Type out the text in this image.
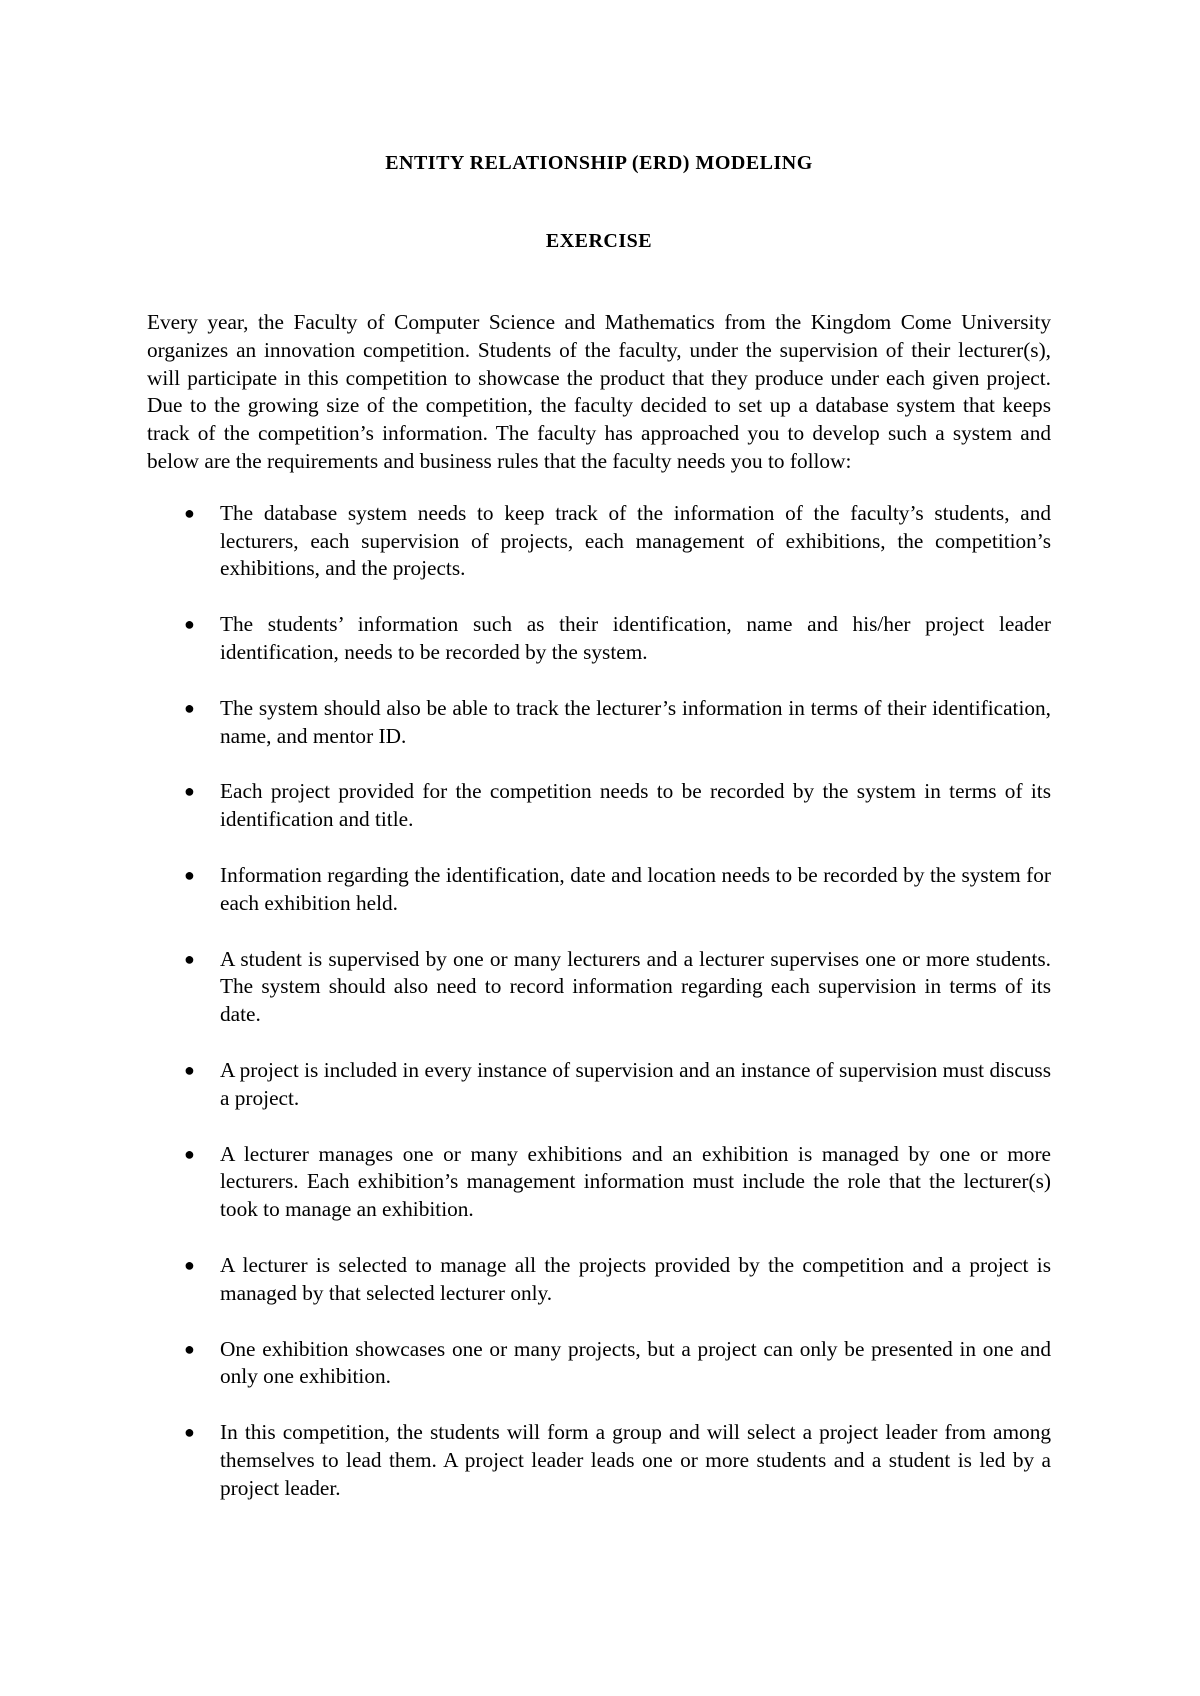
ENTITY RELATIONSHIP (ERD) MODELING
EXERCISE

Every year, the Faculty of Computer Science and Mathematics from the Kingdom Come University organizes an innovation competition. Students of the faculty, under the supervision of their lecturer(s), will participate in this competition to showcase the product that they produce under each given project. Due to the growing size of the competition, the faculty decided to set up a database system that keeps track of the competition’s information. The faculty has approached you to develop such a system and below are the requirements and business rules that the faculty needs you to follow:

● The database system needs to keep track of the information of the faculty’s students, and lecturers, each supervision of projects, each management of exhibitions, the competition’s exhibitions, and the projects.
● The students’ information such as their identification, name and his/her project leader identification, needs to be recorded by the system.
● The system should also be able to track the lecturer’s information in terms of their identification, name, and mentor ID.
● Each project provided for the competition needs to be recorded by the system in terms of its identification and title.
● Information regarding the identification, date and location needs to be recorded by the system for each exhibition held.
● A student is supervised by one or many lecturers and a lecturer supervises one or more students. The system should also need to record information regarding each supervision in terms of its date.
● A project is included in every instance of supervision and an instance of supervision must discuss a project.
● A lecturer manages one or many exhibitions and an exhibition is managed by one or more lecturers. Each exhibition’s management information must include the role that the lecturer(s) took to manage an exhibition.
● A lecturer is selected to manage all the projects provided by the competition and a project is managed by that selected lecturer only.
● One exhibition showcases one or many projects, but a project can only be presented in one and only one exhibition.
● In this competition, the students will form a group and will select a project leader from among themselves to lead them. A project leader leads one or more students and a student is led by a project leader.
